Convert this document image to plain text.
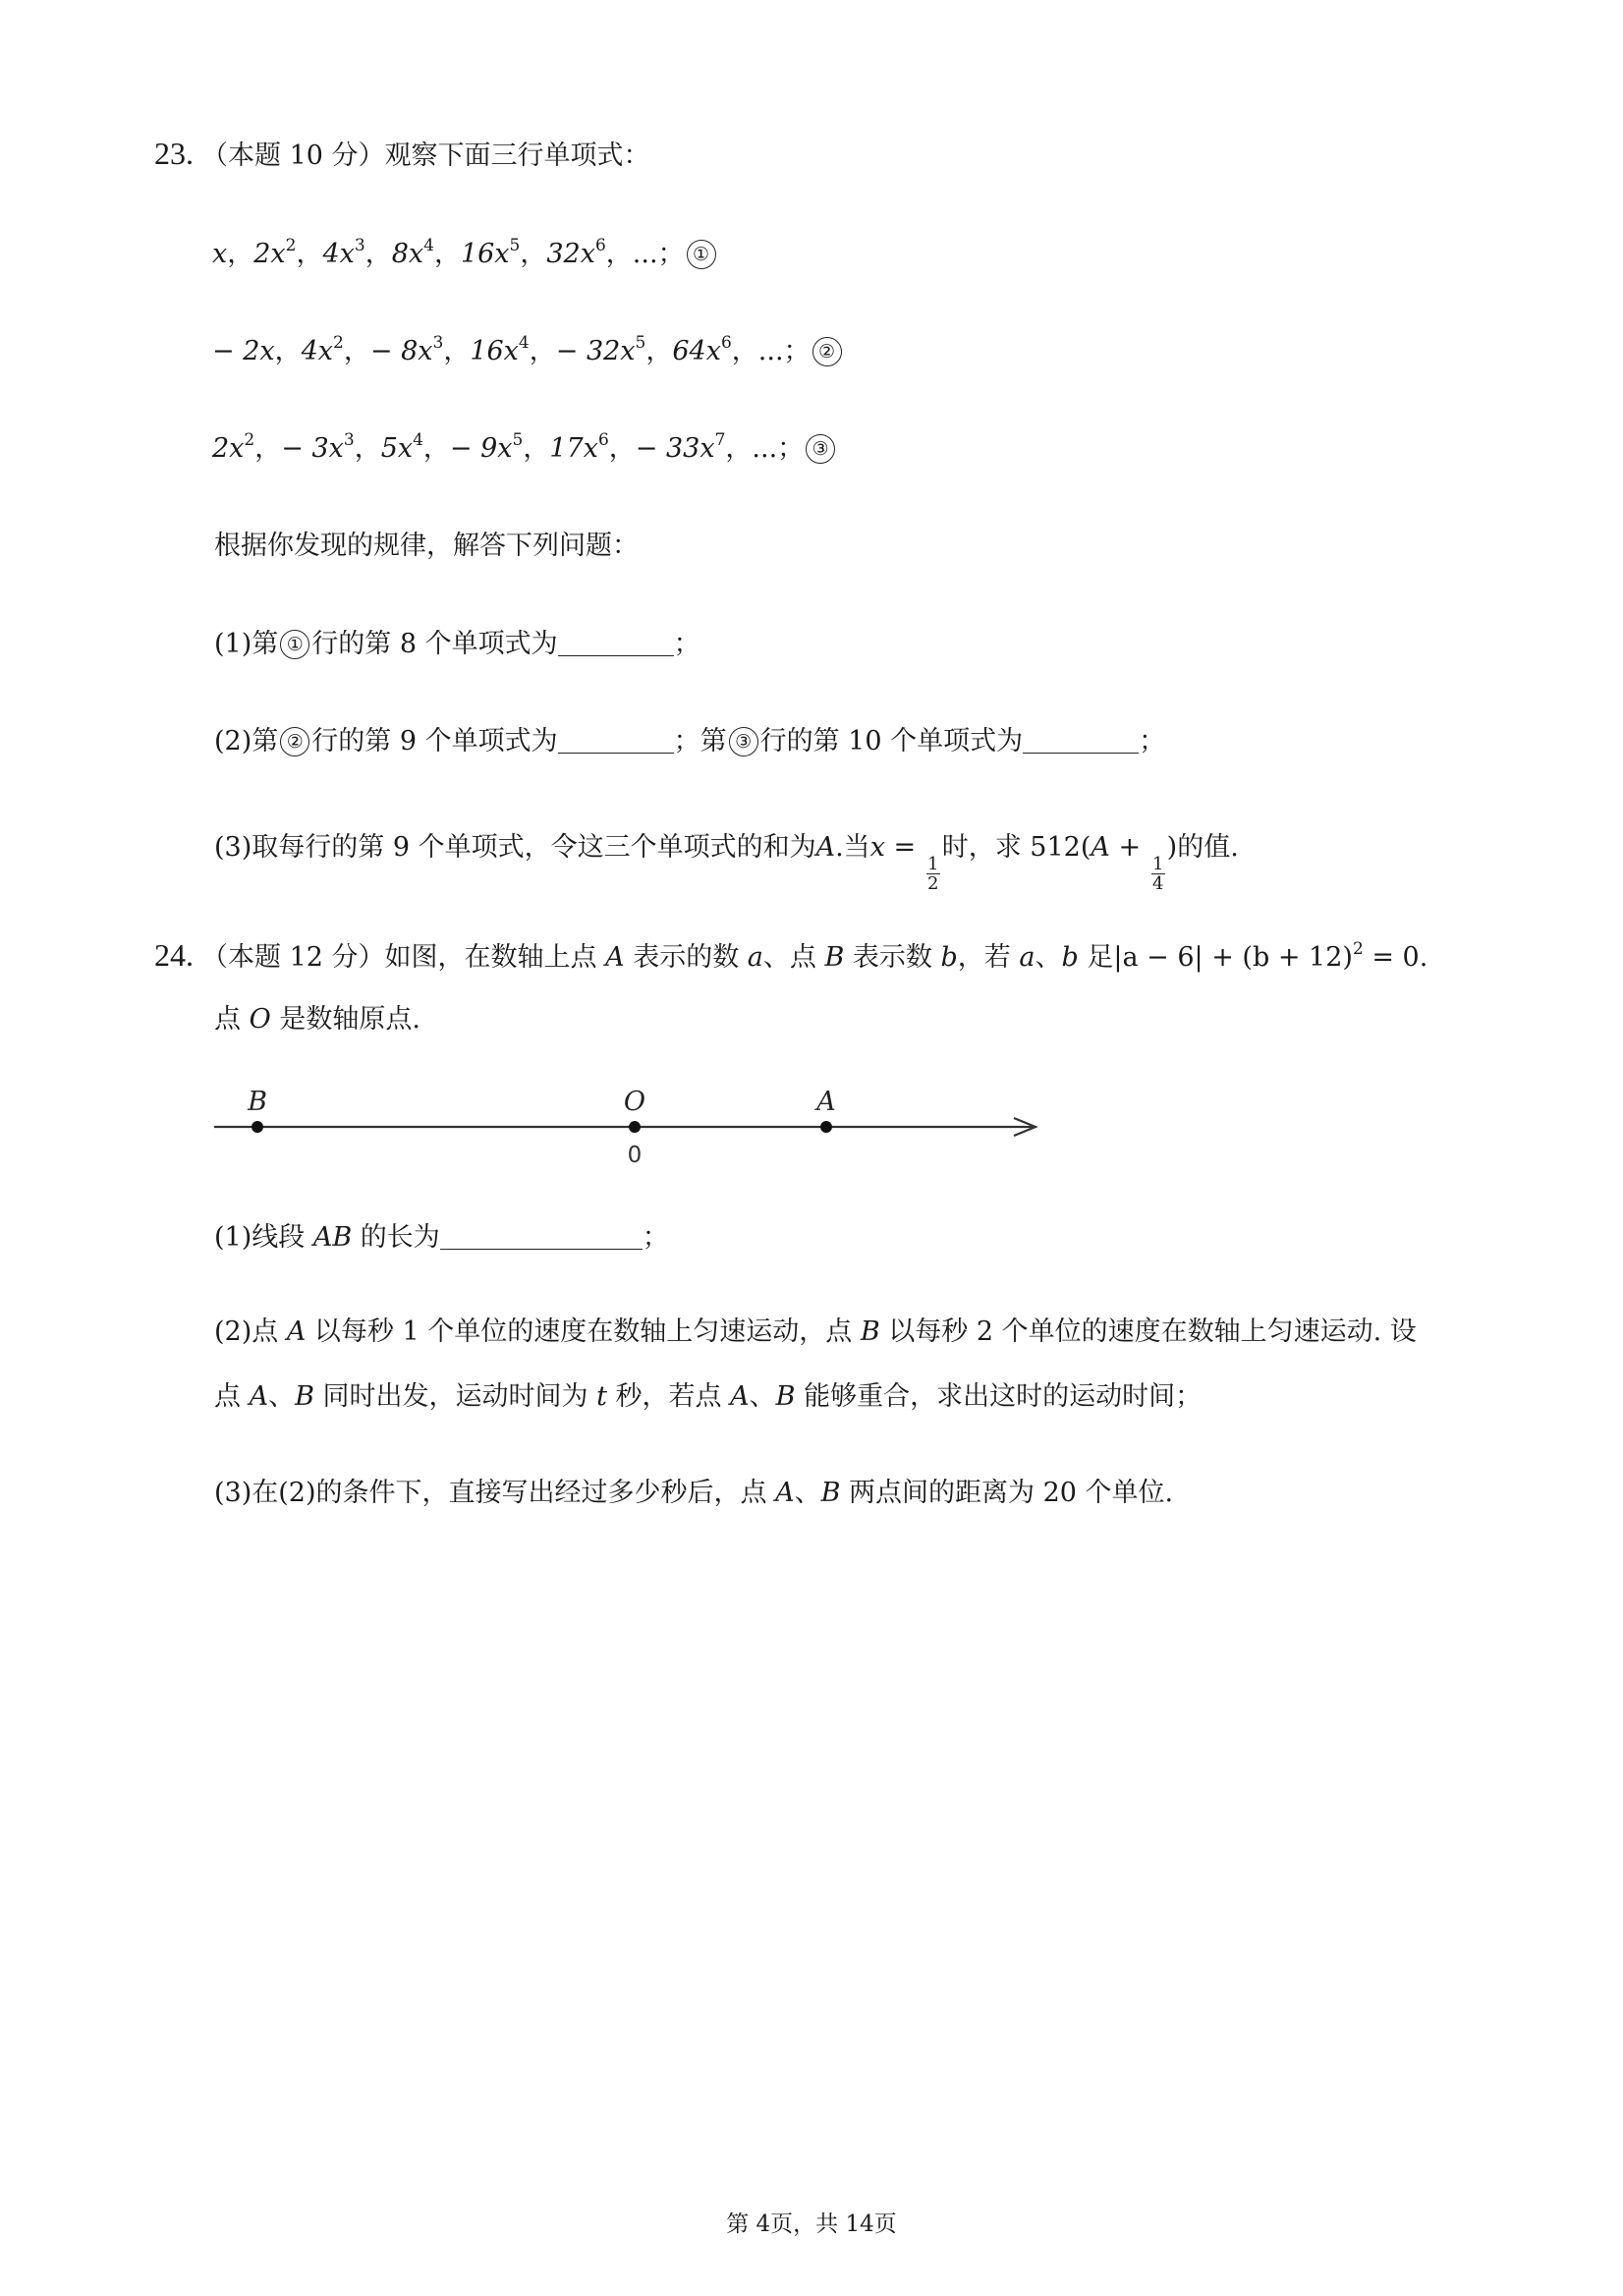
23. （本题 10 分）观察下面三行单项式：
x，$2x^2$，$4x^3$，$8x^4$，$16x^5$，$32x^6$，...； ①
− 2x，$4x^2$，− $8x^3$，$16x^4$，− $32x^5$，$64x^6$，...； ②
$2x^2$，− $3x^3$，$5x^4$，− $9x^5$，$17x^6$，− $33x^7$，...； ③
根据你发现的规律，解答下列问题：
(1)第 ① 行的第 8 个单项式为	；
(2)第 ② 行的第 9 个单项式为	；第 ③ 行的第 10 个单项式为	；
(3)取每行的第 9 个单项式，令这三个单项式的和为A.当x =
$\frac{1}{2}$
时，求 512(A +
$\frac{1}{4}$
)的值.
24. （本题 12 分）如图，在数轴上点 A 表示的数 a、点 B 表示数 b，若 a、b 足$|a - 6| + (b + 12)^2 = 0$.
点 O 是数轴原点.
B	O	A
0
(1)线段 AB 的长为	；
(2)点 A 以每秒 1 个单位的速度在数轴上匀速运动，点 B 以每秒 2 个单位的速度在数轴上匀速运动. 设
点 A、B 同时出发，运动时间为 t 秒，若点 A、B 能够重合，求出这时的运动时间；
(3)在(2)的条件下，直接写出经过多少秒后，点 A、B 两点间的距离为 20 个单位.
第 4页，共 14页
